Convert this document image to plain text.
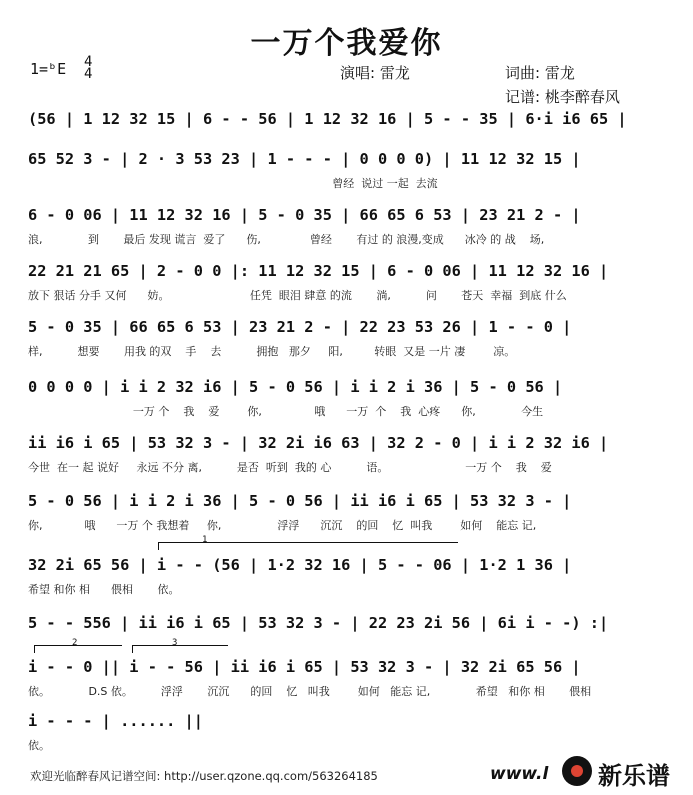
一万个我爱你
1=ᵇE 4
4	演唱: 雷龙	词曲: 雷龙
记谱: 桃李醉春风
(56 | 1 12 32 15 | 6 - - 56 | 1 12 32 16 | 5 - - 35 | 6·i i6 65 |
65 52 3 - | 2 · 3 53 23 | 1 - - - | 0 0 0 0) | 11 12 32 15 |
曾经  说过 一起  去流
6 - 0 06 | 11 12 32 16 | 5 - 0 35 | 66 65 6 53 | 23 21 2 - |
浪,             到       最后 发现 谎言  爱了      伤,              曾经       有过 的 浪漫,变成      冰冷 的 战    场,
22 21 21 65 | 2 - 0 0 |: 11 12 32 15 | 6 - 0 06 | 11 12 32 16 |
放下 狠话 分手 又何      妨。                       任凭  眼泪 肆意 的流       淌,          问       苍天  幸福  到底 什么
5 - 0 35 | 66 65 6 53 | 23 21 2 - | 22 23 53 26 | 1 - - 0 |
样,          想要       用我 的双    手    去          拥抱   那夕     阳,         转眼  又是 一片 凄        凉。
0 0 0 0 | i i 2 32 i6 | 5 - 0 56 | i i 2 i 36 | 5 - 0 56 |
一万 个    我    爱        你,               哦      一万  个    我  心疼      你,             今生
ii i6 i 65 | 53 32 3 - | 32 2i i6 63 | 32 2 - 0 | i i 2 32 i6 |
今世  在一 起 说好     永远 不分 离,          是否  听到  我的 心          语。                      一万 个    我    爱
5 - 0 56 | i i 2 i 36 | 5 - 0 56 | ii i6 i 65 | 53 32 3 - |
你,            哦      一万 个 我想着     你,                浮浮      沉沉    的回    忆  叫我        如何    能忘 记,
32 2i 65 56 | i - - (56 | 1·2 32 16 | 5 - - 06 | 1·2 1 36 |
希望 和你 相      偎相       依。
5 - - 556 | ii i6 i 65 | 53 32 3 - | 22 23 2i 56 | 6i i - -) :|
i - - 0 || i - - 56 | ii i6 i 65 | 53 32 3 - | 32 2i 65 56 |
依。           D.S 依。        浮浮       沉沉      的回    忆   叫我        如何   能忘 记,             希望   和你 相       偎相
i - - - | ...... ||
依。
1
2	3
欢迎光临醉春风记谱空间: http://user.qzone.qq.com/563264185	www.l 新乐谱
